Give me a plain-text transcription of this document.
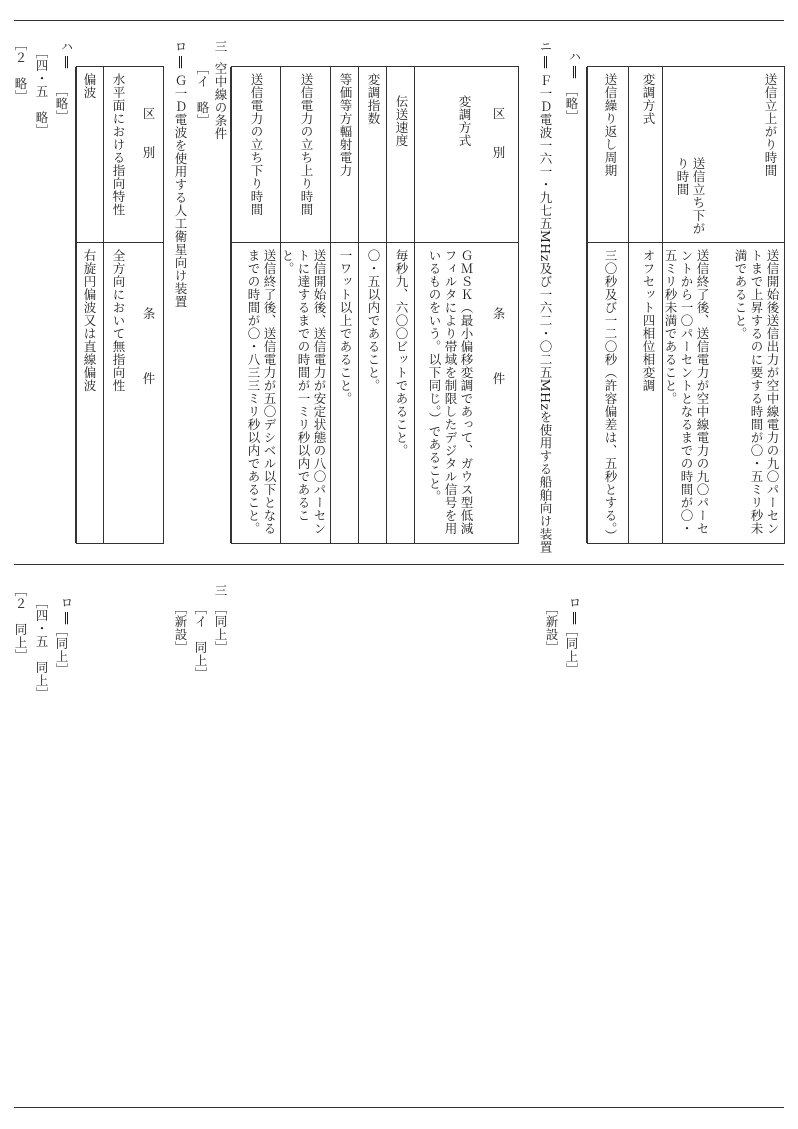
送信立上がり時間
送信開始後送信出力が空中線電力の九〇パーセントまで上昇するのに要する時間が〇・五ミリ秒未満であること。
送信立ち下がり時間
送信終了後、送信電力が空中線電力の九〇パーセントから一〇パーセントとなるまでの時間が〇・五ミリ秒未満であること。
変調方式
オフセット四相位相変調
送信繰り返し周期
三〇秒及び一二〇秒（許容偏差は、五秒とする。）
ハ‖
［略］
ニ‖
Ｆ一Ｄ電波一六一・九七五MHz及び一六二・〇二五MHzを使用する船舶向け装置
区　　別
条　　　　件
変調方式
ＧＭＳＫ（最小偏移変調であって、ガウス型低減フィルタにより帯域を制限したデジタル信号を用いるものをいう。以下同じ。）であること。
伝送速度
毎秒九、六〇〇ビットであること。
変調指数
〇・五以内であること。
等価等方輻射電力
一ワット以上であること。
送信電力の立ち上り時間
送信開始後、送信電力が安定状態の八〇パーセントに達するまでの時間が一ミリ秒以内であること。
送信電力の立ち下り時間
送信終了後、送信電力が五〇デシベル以下となるまでの時間が〇・八三三ミリ秒以内であること。
三
空中線の条件
［イ　略］
ロ‖
Ｇ一Ｄ電波を使用する人工衛星向け装置
区　　別
条　　　　件
水平面における指向特性
全方向において無指向性
偏波
右旋円偏波又は直線偏波
ハ‖
［略］
［四・五　略］
［２　略］
ロ‖
［同上］
［新設］
三
［同上］
［イ　同上］
［新設］
ロ‖
［同上］
［四・五　同上］
［２　同上］
